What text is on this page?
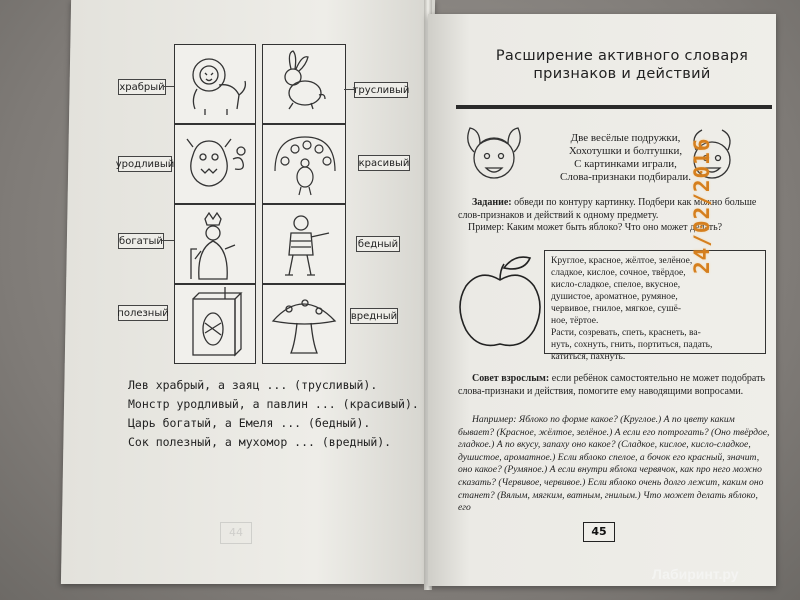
храбрый
уродливый
богатый
полезный
трусливый
красивый
бедный
вредный
Лев храбрый, а заяц ... (трусливый).
Монстр уродливый, а павлин ... (красивый).
Царь богатый, а Емеля ... (бедный).
Сок полезный, а мухомор ... (вредный).
44
Расширение активного словаря
признаков и действий
Две весёлые подружки,
Хохотушки и болтушки,
С картинками играли,
Слова-признаки подбирали.
Задание: обведи по контуру картинку. Подбери как можно больше слов-признаков и действий к одному предмету.
Пример: Каким может быть яблоко? Что оно может делать?
Круглое, красное, жёлтое, зелёное,
сладкое, кислое, сочное, твёрдое,
кисло-сладкое, спелое, вкусное,
душистое, ароматное, румяное,
червивое, гнилое, мягкое, сушё-
ное, тёртое.
Расти, созревать, спеть, краснеть, ва-
нуть, сохнуть, гнить, портиться, падать,
катиться, пахнуть.
Совет взрослым: если ребёнок самостоятельно не может подобрать слова-признаки и действия, помогите ему наводящими вопросами.
Например: Яблоко по форме какое? (Круглое.) А по цвету каким бывает? (Красное, жёлтое, зелёное.) А если его потрогать? (Оно твёрдое, гладкое.) А по вкусу, запаху оно какое? (Сладкое, кислое, кисло-сладкое, душистое, ароматное.) Если яблоко спелое, а бочок его красный, значит, оно какое? (Румяное.) А если внутри яблока червячок, как про него можно сказать? (Червивое, червивое.) Если яблоко очень долго лежит, каким оно станет? (Вялым, мягким, ватным, гнилым.) Что может делать яблоко, его
45
24/02/2016
Лабиринт.ру
